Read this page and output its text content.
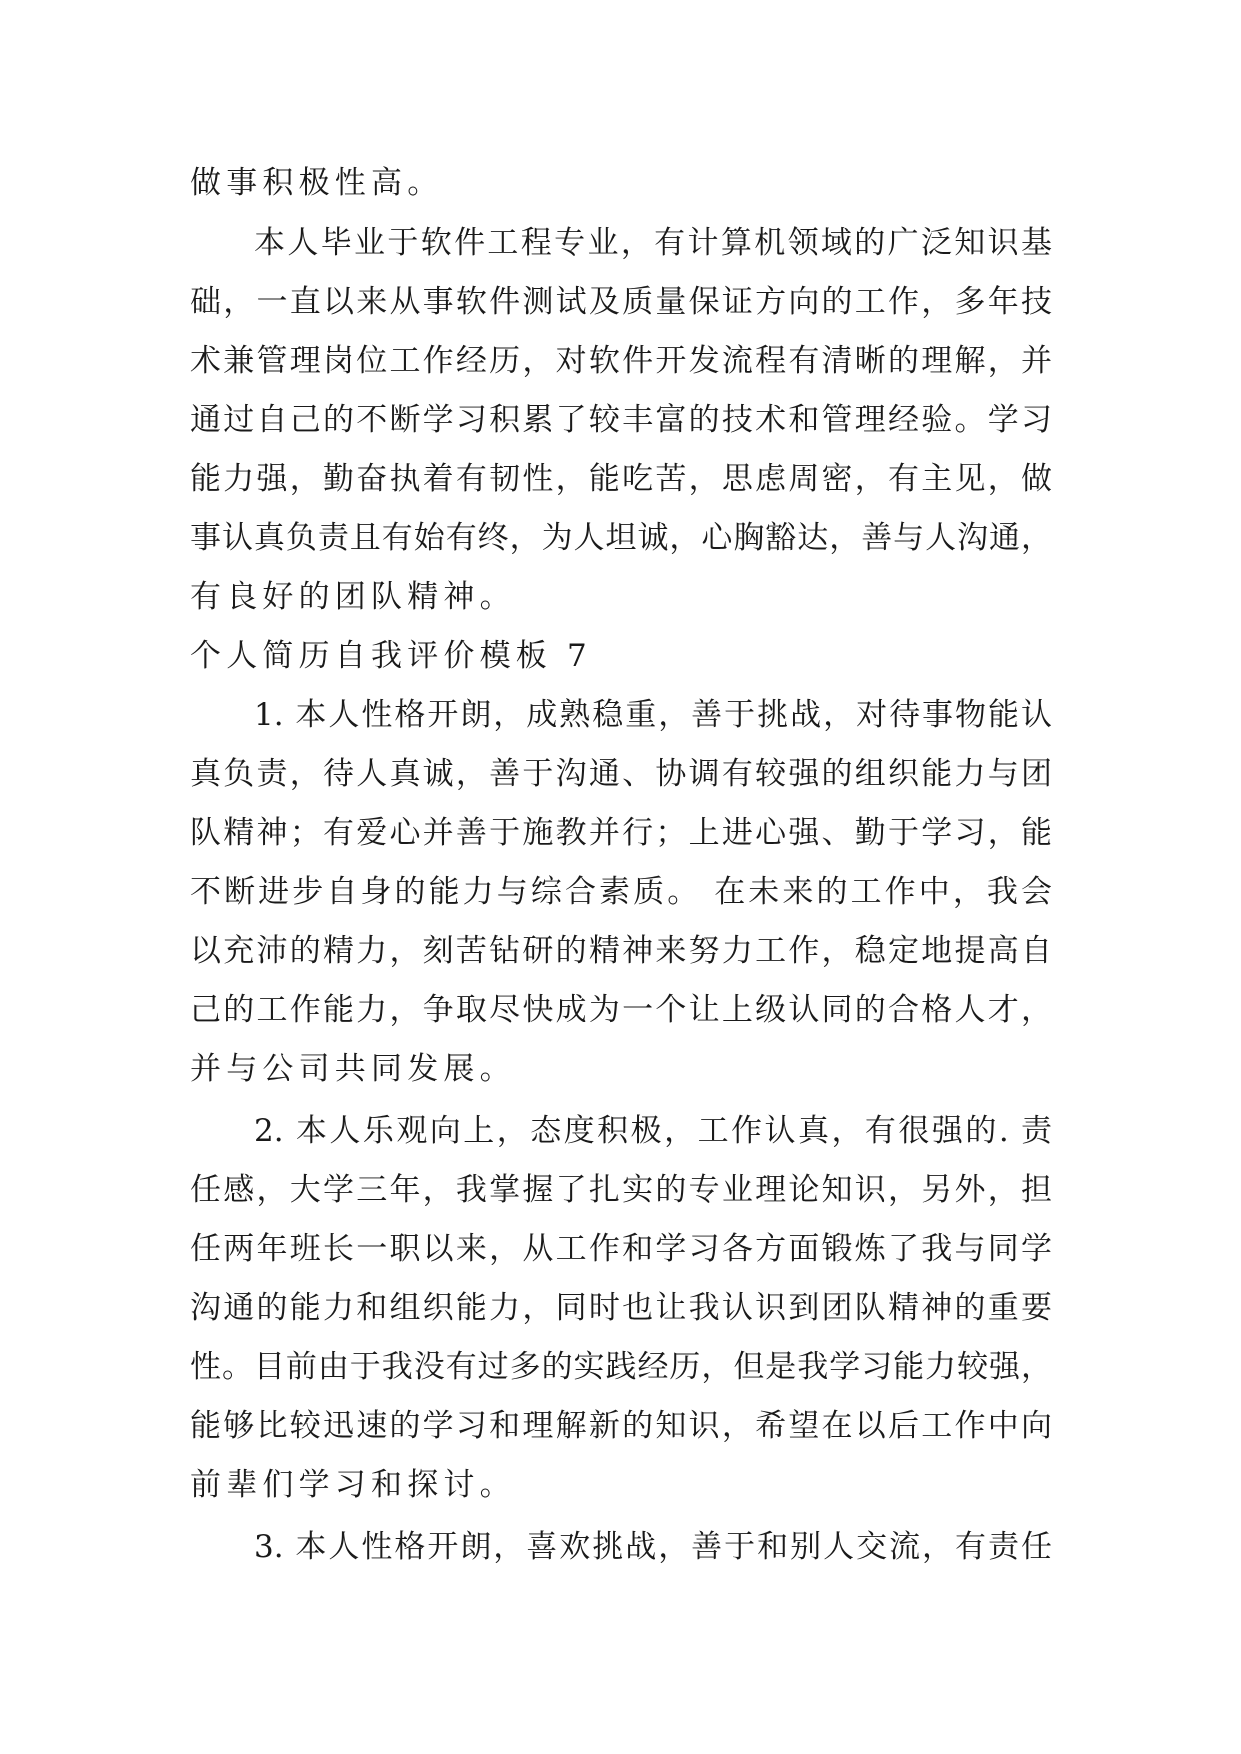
做事积极性高。
本人毕业于软件工程专业，有计算机领域的广泛知识基
础，一直以来从事软件测试及质量保证方向的工作，多年技
术兼管理岗位工作经历，对软件开发流程有清晰的理解，并
通过自己的不断学习积累了较丰富的技术和管理经验。学习
能力强，勤奋执着有韧性，能吃苦，思虑周密，有主见，做
事认真负责且有始有终，为人坦诚，心胸豁达，善与人沟通，
有良好的团队精神。
个人简历自我评价模板 7
1. 本人性格开朗，成熟稳重，善于挑战，对待事物能认
真负责，待人真诚，善于沟通、协调有较强的组织能力与团
队精神；有爱心并善于施教并行；上进心强、勤于学习，能
不断进步自身的能力与综合素质。 在未来的工作中，我会
以充沛的精力，刻苦钻研的精神来努力工作，稳定地提高自
己的工作能力，争取尽快成为一个让上级认同的合格人才，
并与公司共同发展。
2. 本人乐观向上，态度积极，工作认真，有很强的. 责
任感，大学三年，我掌握了扎实的专业理论知识，另外，担
任两年班长一职以来，从工作和学习各方面锻炼了我与同学
沟通的能力和组织能力，同时也让我认识到团队精神的重要
性。目前由于我没有过多的实践经历，但是我学习能力较强，
能够比较迅速的学习和理解新的知识，希望在以后工作中向
前辈们学习和探讨。
3. 本人性格开朗，喜欢挑战，善于和别人交流，有责任
